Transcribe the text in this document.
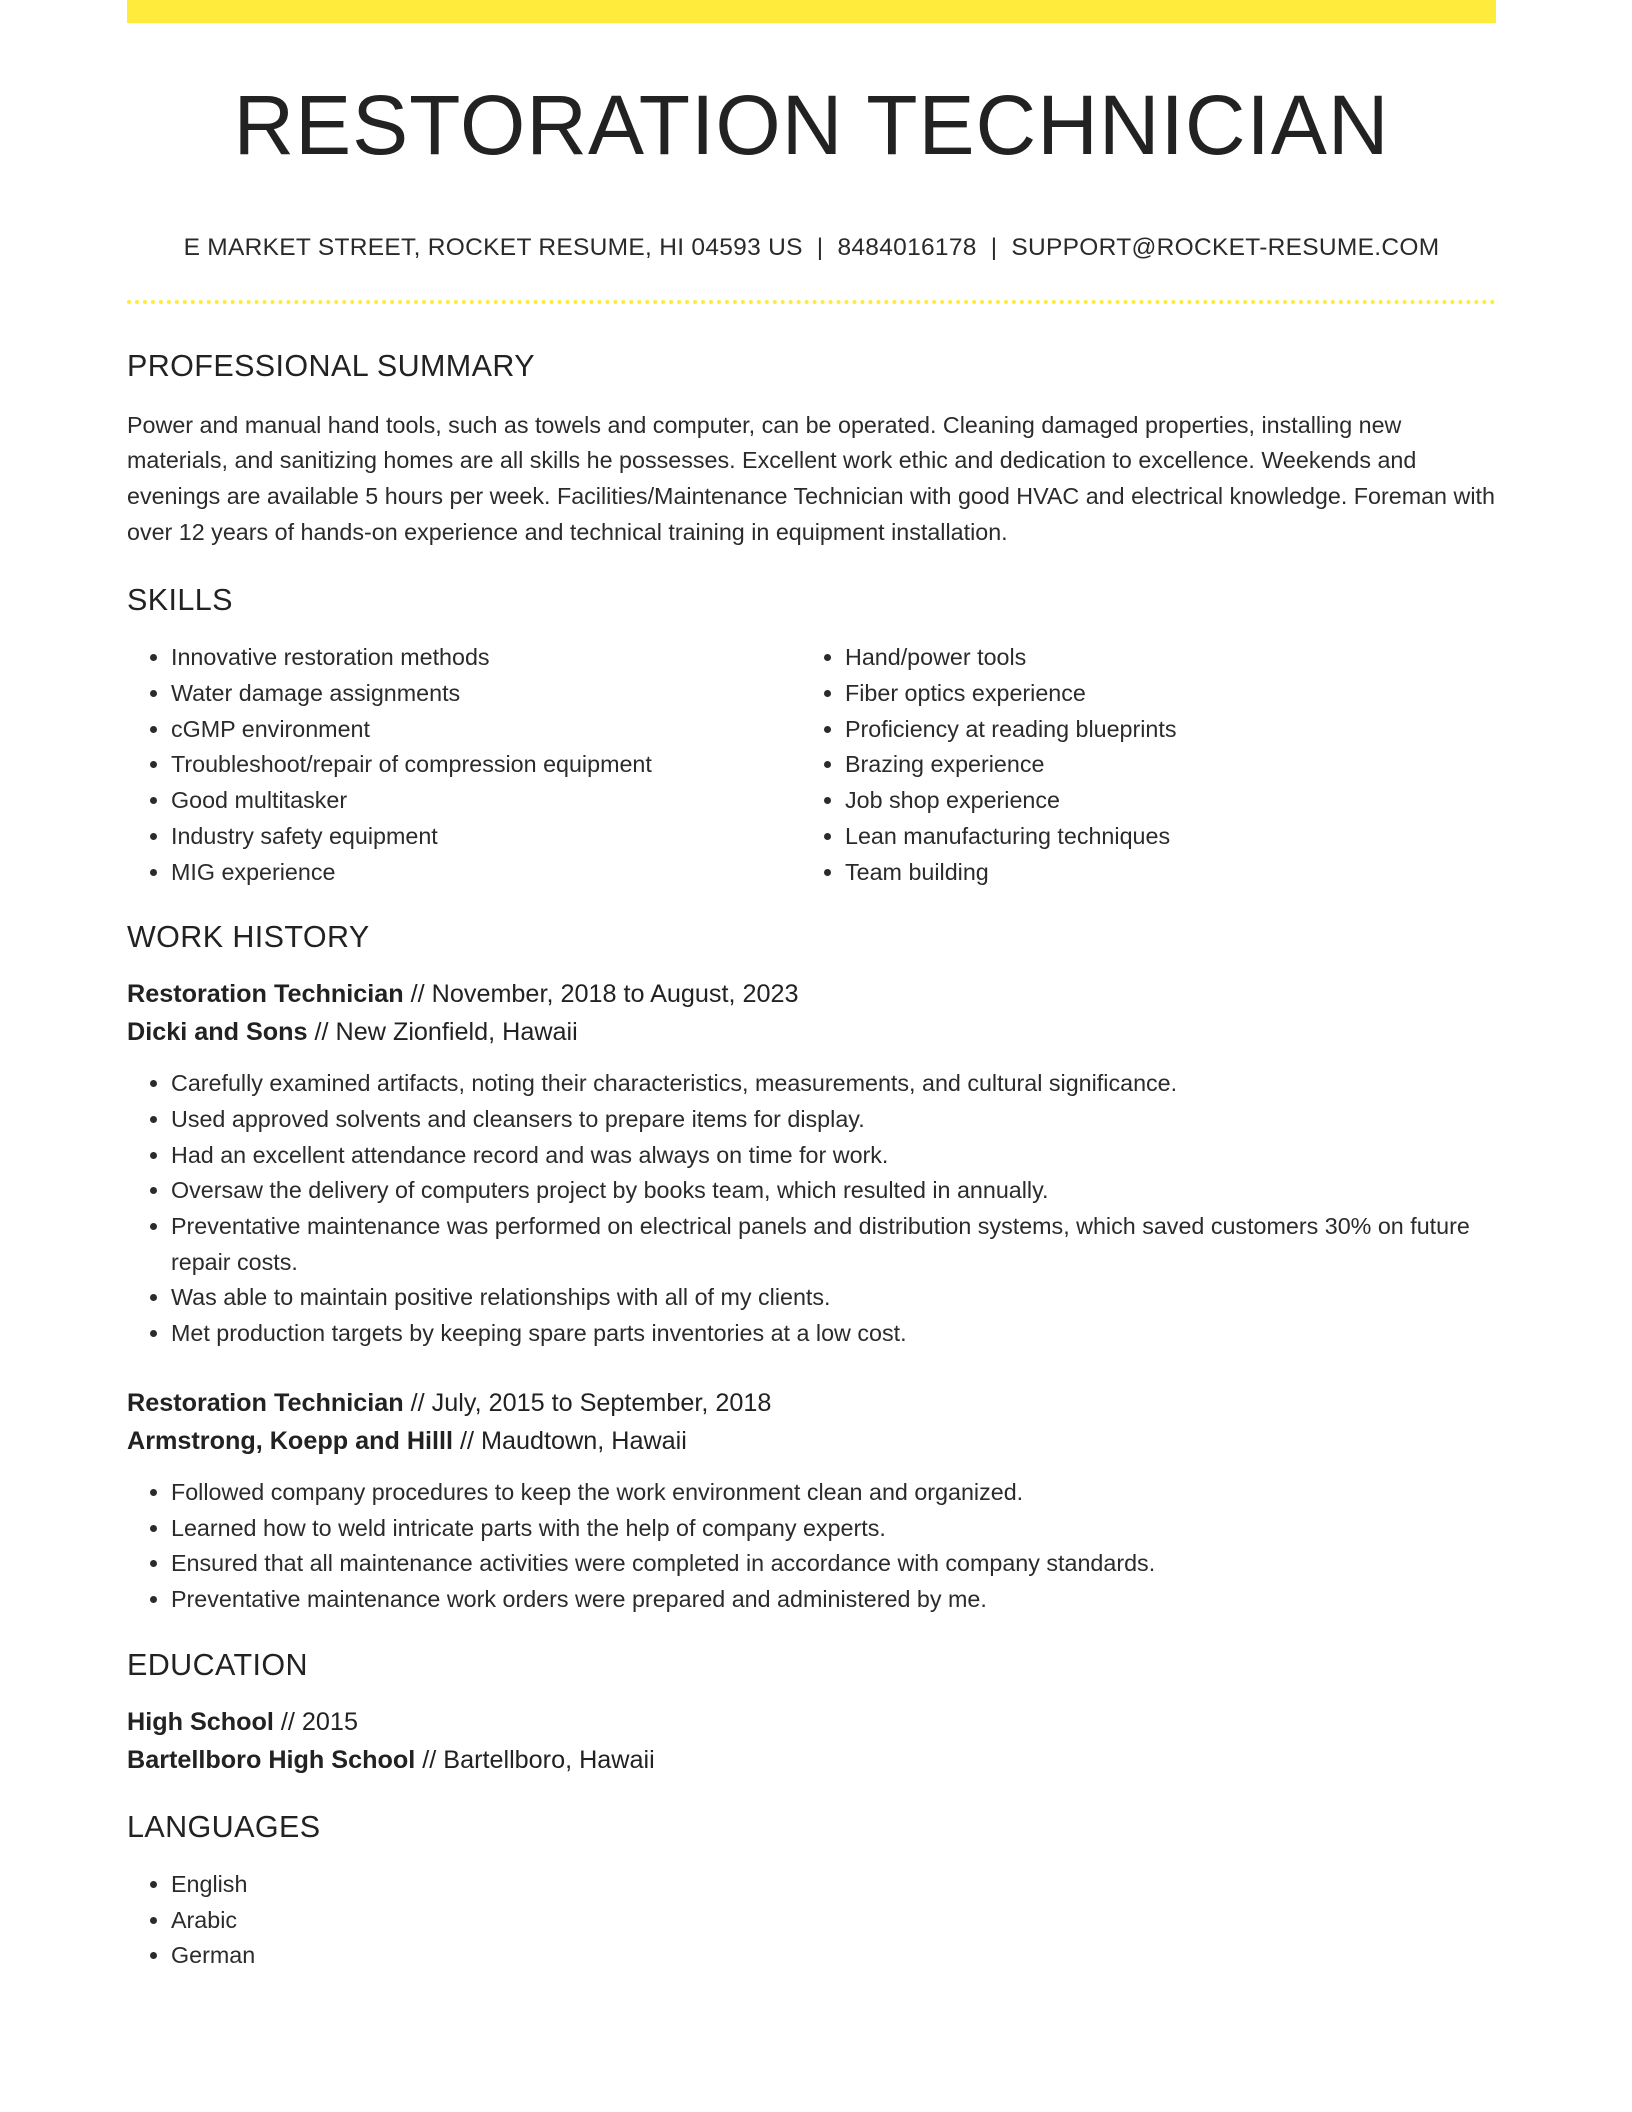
RESTORATION TECHNICIAN
E MARKET STREET, ROCKET RESUME, HI 04593 US | 8484016178 | SUPPORT@ROCKET-RESUME.COM
PROFESSIONAL SUMMARY

Power and manual hand tools, such as towels and computer, can be operated. Cleaning damaged properties, installing new materials, and sanitizing homes are all skills he possesses. Excellent work ethic and dedication to excellence. Weekends and evenings are available 5 hours per week. Facilities/Maintenance Technician with good HVAC and electrical knowledge. Foreman with over 12 years of hands-on experience and technical training in equipment installation.

SKILLS
• Innovative restoration methods
• Water damage assignments
• cGMP environment
• Troubleshoot/repair of compression equipment
• Good multitasker
• Industry safety equipment
• MIG experience
• Hand/power tools
• Fiber optics experience
• Proficiency at reading blueprints
• Brazing experience
• Job shop experience
• Lean manufacturing techniques
• Team building
WORK HISTORY
Restoration Technician // November, 2018 to August, 2023
Dicki and Sons // New Zionfield, Hawaii
• Carefully examined artifacts, noting their characteristics, measurements, and cultural significance.
• Used approved solvents and cleansers to prepare items for display.
• Had an excellent attendance record and was always on time for work.
• Oversaw the delivery of computers project by books team, which resulted in annually.
• Preventative maintenance was performed on electrical panels and distribution systems, which saved customers 30% on future repair costs.
• Was able to maintain positive relationships with all of my clients.
• Met production targets by keeping spare parts inventories at a low cost.
Restoration Technician // July, 2015 to September, 2018
Armstrong, Koepp and Hilll // Maudtown, Hawaii
• Followed company procedures to keep the work environment clean and organized.
• Learned how to weld intricate parts with the help of company experts.
• Ensured that all maintenance activities were completed in accordance with company standards.
• Preventative maintenance work orders were prepared and administered by me.
EDUCATION
High School // 2015
Bartellboro High School // Bartellboro, Hawaii
LANGUAGES
• English
• Arabic
• German
